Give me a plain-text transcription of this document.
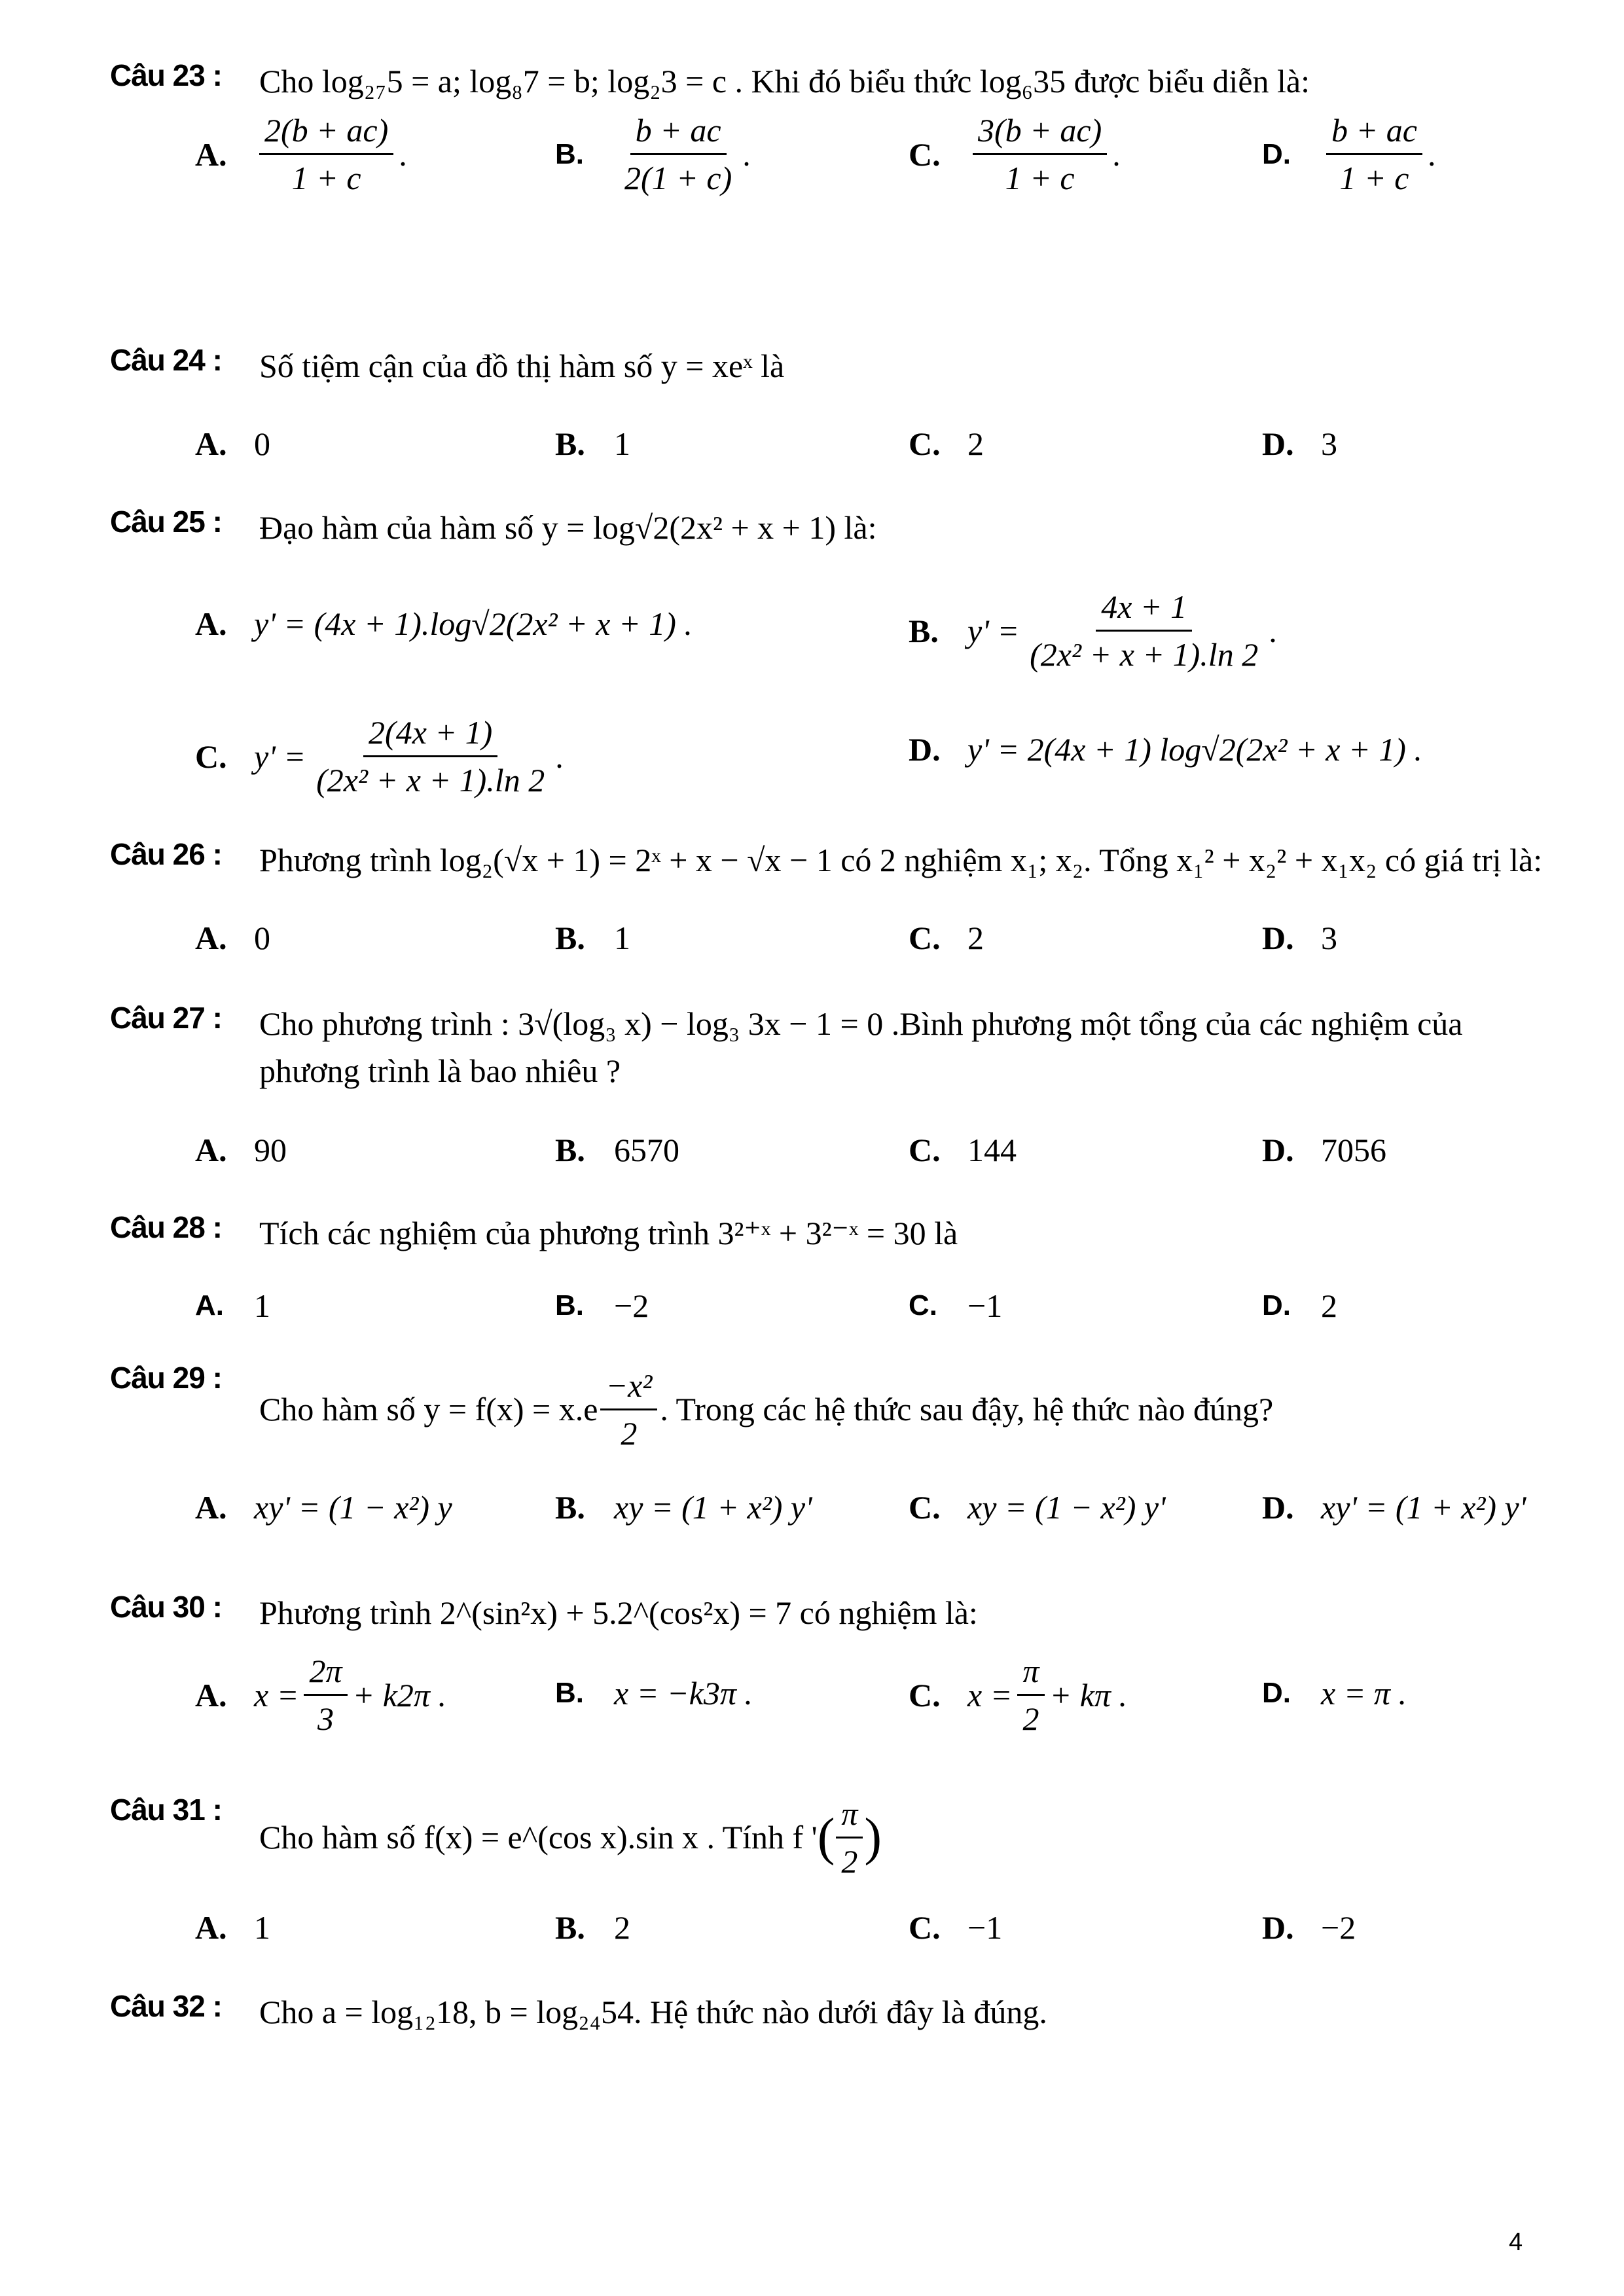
Câu 23 : Cho log₂₇5 = a; log₈7 = b; log₂3 = c . Khi đó biểu thức log₆35 được biểu diễn là:
A. $\frac{2(b + ac)}{1 + c}$ .	B.	$\frac{b + ac}{2(1 + c)}$ .	C. $\frac{3(b + ac)}{1 + c}$ .	D.	$\frac{b + ac}{1 + c}$ .
Câu 24 : Số tiệm cận của đồ thị hàm số y = xeˣ là
A. 0	B. 1	C. 2	D. 3
Câu 25 : Đạo hàm của hàm số y = log√2(2x² + x + 1) là:
A. y' = (4x + 1).log√2(2x² + x + 1) .	B. $y' = \frac{4x + 1}{\text{(2x² + x + 1).ln 2}}$ .
C. $y' = \frac{2(4x + 1)}{\text{(2x² + x + 1).ln 2}}$ .	D. y' = 2(4x + 1) log√2(2x² + x + 1) .
Câu 26 : Phương trình log₂(√x + 1) = 2ˣ + x − √x − 1 có 2 nghiệm x₁; x₂. Tổng x₁² + x₂² + x₁x₂ có giá trị là:
A. 0	B. 1	C. 2	D. 3
Câu 27 : Cho phương trình : 3√(log₃ x) − log₃ 3x − 1 = 0 .Bình phương một tổng của các nghiệm của
phương trình là bao nhiêu ?
A. 90	B. 6570	C. 144	D. 7056
Câu 28 : Tích các nghiệm của phương trình 3²⁺ˣ + 3²⁻ˣ = 30 là
A. 1	B. −2	C. −1	D. 2
Câu 29 :
Cho hàm số $y = f(x) = x.e \frac{\text{−x²}}{2}$ . Trong các hệ thức sau đậy, hệ thức nào đúng?
A. xy' = (1 − x²) y	B. xy = (1 + x²) y'	C. xy = (1 − x²) y'	D. xy' = (1 + x²) y'
Câu 30 : Phương trình 2^(sin²x) + 5.2^(cos²x) = 7 có nghiệm là:
A. $x = \frac{2\pi}{3} + k2\pi$ .	B. x = −k3π .	C. $x = \frac{\pi}{2} + k\pi$ .	D. x = π .
Câu 31 :
Cho hàm số f(x) = e^(cos x).sin x . Tính f ' ( $\frac{\pi}{2}$ )
A. 1	B. 2	C. −1	D. −2
Câu 32 : Cho a = log₁₂18, b = log₂₄54. Hệ thức nào dưới đây là đúng.
4
